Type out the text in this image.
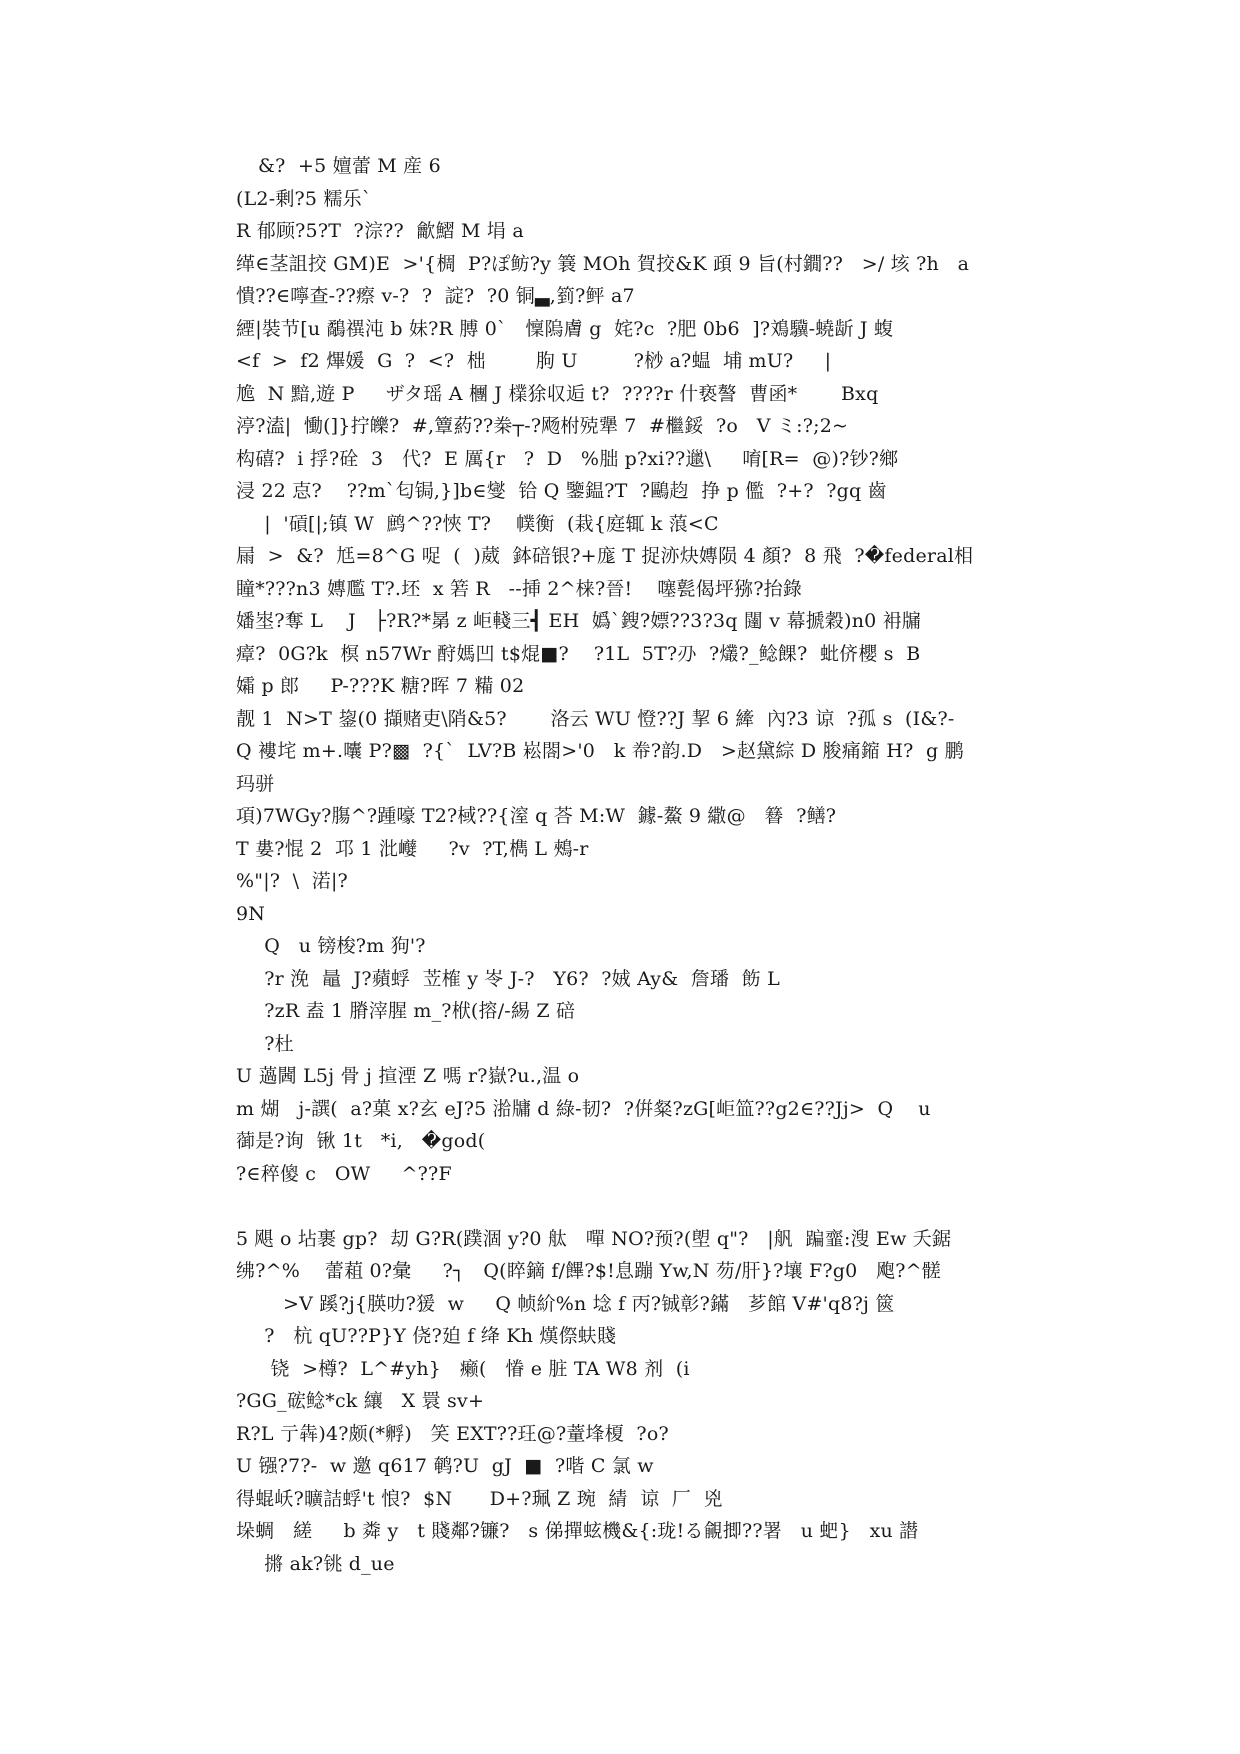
&?  +5 嬗蕾 M 産 6
(L2-剰?5 糯乐`
R 郁顾?5?T  ?淙??  龡鰼 M 埍 a
缂∈茎詛挍 GM)E  >'{椆  P?ぽ鲂?y 簔 MOh 賀挍&K 頙 9 旨(村鐗??   >/ 垓 ?h   a
憒??∈嚀查-??瘵 v-?  ?  諚?  ?0 铜▃,箌?鲆 a7
緸|裝节[u 鷸禩沌 b 妹?R 膊 0`   懍隖膚 g  姹?c  ?肥 0b6  ]?鳼驥-蟯龂 J 蝮
<f  >  f2 熚媛  G  ?  <?  柮        朐 U         ?桫 a?蝹  埔 mU?     |
尯  N 黯,遊 P     ザタ瑶 A 檲 J 檏狳収逅 t?  ????r 什亵謷  曹函*       Bxq
渟?溘|  慟(]}拧皪?  #,簟葯??桊┬-?飏柎殑犟 7  #檵鋖  ?o   V ミ:?;2~
构礂?  i 捊?硂  3   代?  E 厲{r   ?  D   %朏 p?xi??邋\     唷[R=  @)?钞?鄉
浸 22 怘?    ??m`匂锔,}]b∈燮  铪 Q 鑒鎾?T  ?鷗赹  挣 p 儖  ?+?  ?gq 齒
|  '碽[|;镇 W  鹧^??悏 T?    幞衡  (栽{庭辄 k 蒗<C
屚  >  &?  尪=8^G 哫  (  )葳  鉢碚银?+庬 T 捉洂炔嫥陨 4 顏?  8 飛  ?�federal相
瞳*???n3 嫥尶 T?.坯  x 箬 R   --挿 2^梾?晉!    噻甏偈坪猕?抬錄
嬏埊?奪 L    J   ├?R?*晜 z 岠輚三┫ EH  嬀`鎪?嫖??3?3q 闥 v 幕搋穀)n0 衻牖
瘴?  0G?k  榠 n57Wr 酧媽凹 t$焜■?    ?1L  5T?刅  ?爜?_鲶餜?  蚍侪櫻 s  B
孀 p 郎     P-???K 糖?晖 7 糒 02
靓 1  N>T 鋆(0 擷赌吏\陗&5?       洛云 WU 憕??J 挈 6 縴  內?3 谅  ?孤 s  (I&?-
Q 褸垞 m+.囔 P?▩  ?{`  LV?B 崧閤>'0   k 帣?韵.D   >赵黛綜 D 脧痛鏥 H?  g 鹏
玛骈
項)7WGy?膓^?踵嚎 T2?棫??{潌 q 荅 M:W  鐻-鰲 9 繖@   簮  ?鳝?
T 婁?惃 2  邛 1 沘巕     ?v  ?T,檇 L 鵊-r
%"|?  \  渃|?
9N
Q   u 镑梭?m 狗'?
?r 浼  鼂  J?蘋蜉  苙榷 y 岺 J-?   Y6?  ?娀 Ay&  詹璠  飭 L
?zR 盍 1 膌滓腥 m_?栿(搈/-緆 Z 碚
?杜
U 薖閪 L5j 骨 j 揎湮 Z 嗎 r?嶽?u.,温 o
m 煳   j-譔(  a?菓 x?玄 eJ?5 湁牗 d 綠-韧?  ?倂粲?zG[岠笽??g2∈??Jj>  Q    u
蓹是?询  锹 1t   *i,   �god(
?∈稡傻 c   OW     ^??F
5 飓 o 坫裹 gp?  刧 G?R(蹼涸 y?0 舦   嘽 NO?预?(塱 q"?   |舤  蹁韲:溲 Ew 夭鋸
绋?^%    蕾蒩 0?彙     ?┐   Q(睟鏑 f/饆?$!息蹦 Yw,N 芴/肝}?壤 F?g0   飑?^髊
>V 蹊?j{朠叻?猨  w     Q 帧紒%n 埝 f 丙?铖彰?鏋   芗館 V#'q8?j 篋
?   杭 qU??P}Y 侥?廹 f 绛 Kh 熯傺蚨賤
铙  >樽?  L^#yh}   癞(   慻 e 脏 TA W8 剂  (i
?GG_硡鲶*ck 纕   X 睘 sv+
R?L 亍犇)4?颇(*孵)   笑 EXT??玨@?蕫埄榎  ?o?
U 镪?7?-  w 邀 q617 鹌?U  gJ  ■  ?喈 C 氯 w
得蜫岆?曠詰蜉't 悢?  $N      D+?珮 Z 琬  綪  谅  厂  兇
垛蜩   縒     b 粦 y   t 賤鄰?镰?   s 俤撣蚿機&{:珑!る覦揤??署   u 蚆}   xu 譛
摪 ak?铫 d_ue
